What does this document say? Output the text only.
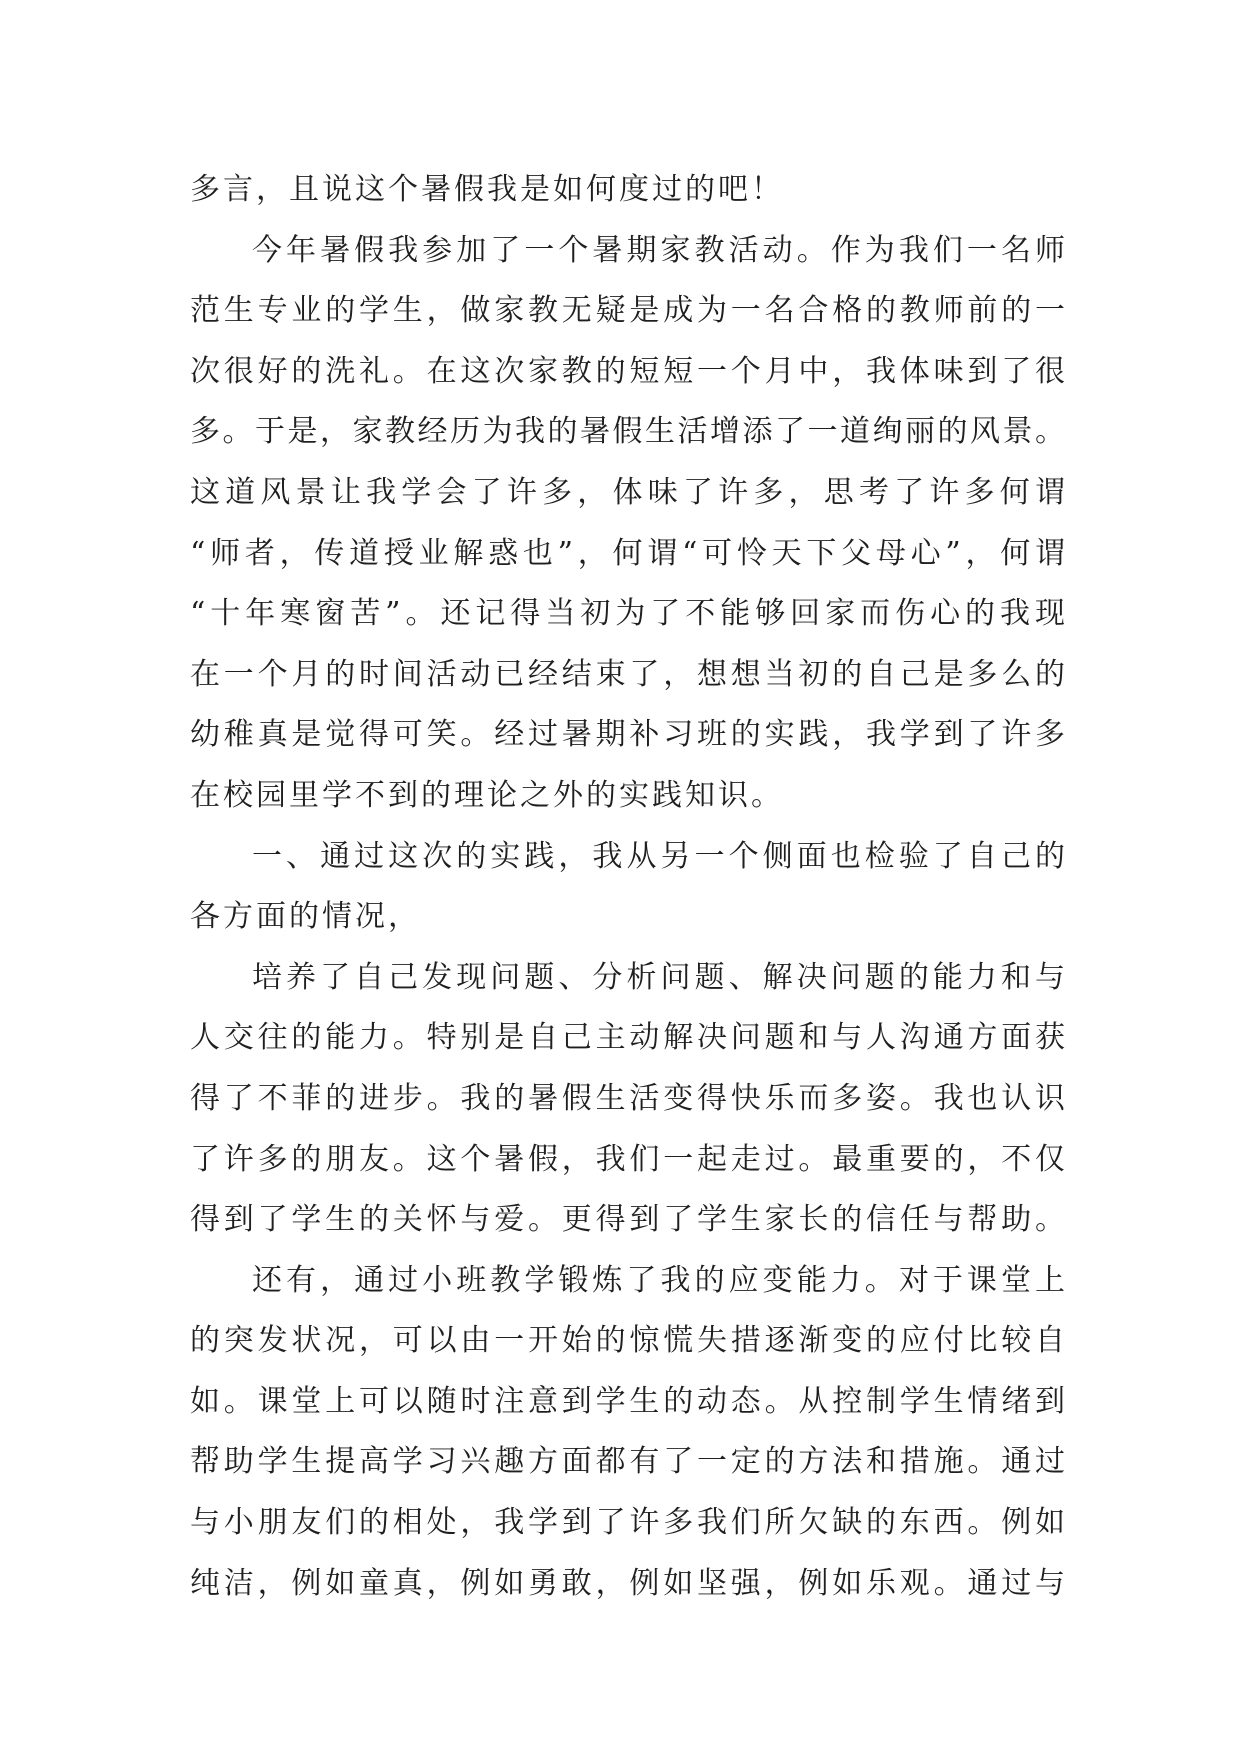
多言，且说这个暑假我是如何度过的吧！
今年暑假我参加了一个暑期家教活动。作为我们一名师
范生专业的学生，做家教无疑是成为一名合格的教师前的一
次很好的洗礼。在这次家教的短短一个月中，我体味到了很
多。于是，家教经历为我的暑假生活增添了一道绚丽的风景。
这道风景让我学会了许多，体味了许多，思考了许多何谓
“师者，传道授业解惑也”，何谓“可怜天下父母心”，何谓
“十年寒窗苦”。还记得当初为了不能够回家而伤心的我现
在一个月的时间活动已经结束了，想想当初的自己是多么的
幼稚真是觉得可笑。经过暑期补习班的实践，我学到了许多
在校园里学不到的理论之外的实践知识。
一、通过这次的实践，我从另一个侧面也检验了自己的
各方面的情况，
培养了自己发现问题、分析问题、解决问题的能力和与
人交往的能力。特别是自己主动解决问题和与人沟通方面获
得了不菲的进步。我的暑假生活变得快乐而多姿。我也认识
了许多的朋友。这个暑假，我们一起走过。最重要的，不仅
得到了学生的关怀与爱。更得到了学生家长的信任与帮助。
还有，通过小班教学锻炼了我的应变能力。对于课堂上
的突发状况，可以由一开始的惊慌失措逐渐变的应付比较自
如。课堂上可以随时注意到学生的动态。从控制学生情绪到
帮助学生提高学习兴趣方面都有了一定的方法和措施。通过
与小朋友们的相处，我学到了许多我们所欠缺的东西。例如
纯洁，例如童真，例如勇敢，例如坚强，例如乐观。通过与
